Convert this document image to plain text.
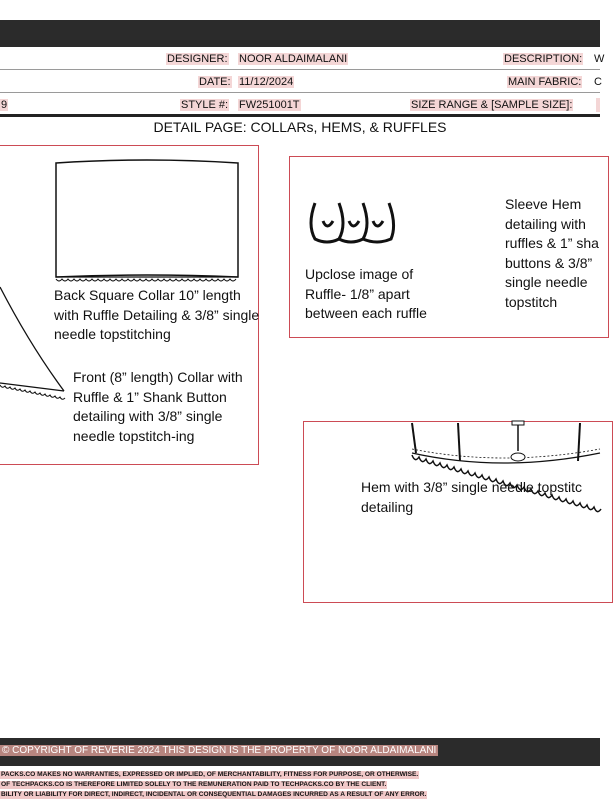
DESIGNER: NOOR ALDAIMALANI	DESCRIPTION: W
DATE: 11/12/2024	MAIN FABRIC: C
9	STYLE #: FW251001T	SIZE RANGE & [SAMPLE SIZE]:
DETAIL PAGE: COLLARs, HEMS, & RUFFLES
Back Square Collar 10” length with Ruffle Detailing & 3/8” single needle topstitching
Front (8” length) Collar with Ruffle & 1” Shank Button detailing with 3/8” single needle topstitch-ing
Upclose image of Ruffle- 1/8” apart between each ruffle
Sleeve Hem detailing with ruffles & 1” sha buttons & 3/8” single needle topstitch
Hem with 3/8” single needle topstitc detailing
© COPYRIGHT OF REVERIE 2024 THIS DESIGN IS THE PROPERTY OF NOOR ALDAIMALANI
PACKS.CO MAKES NO WARRANTIES, EXPRESSED OR IMPLIED, OF MERCHANTABILITY, FITNESS FOR PURPOSE, OR OTHERWISE.
OF TECHPACKS.CO IS THEREFORE LIMITED SOLELY TO THE REMUNERATION PAID TO TECHPACKS.CO BY THE CLIENT.
BILITY OR LIABILITY FOR DIRECT, INDIRECT, INCIDENTAL OR CONSEQUENTIAL DAMAGES INCURRED AS A RESULT OF ANY ERROR.
